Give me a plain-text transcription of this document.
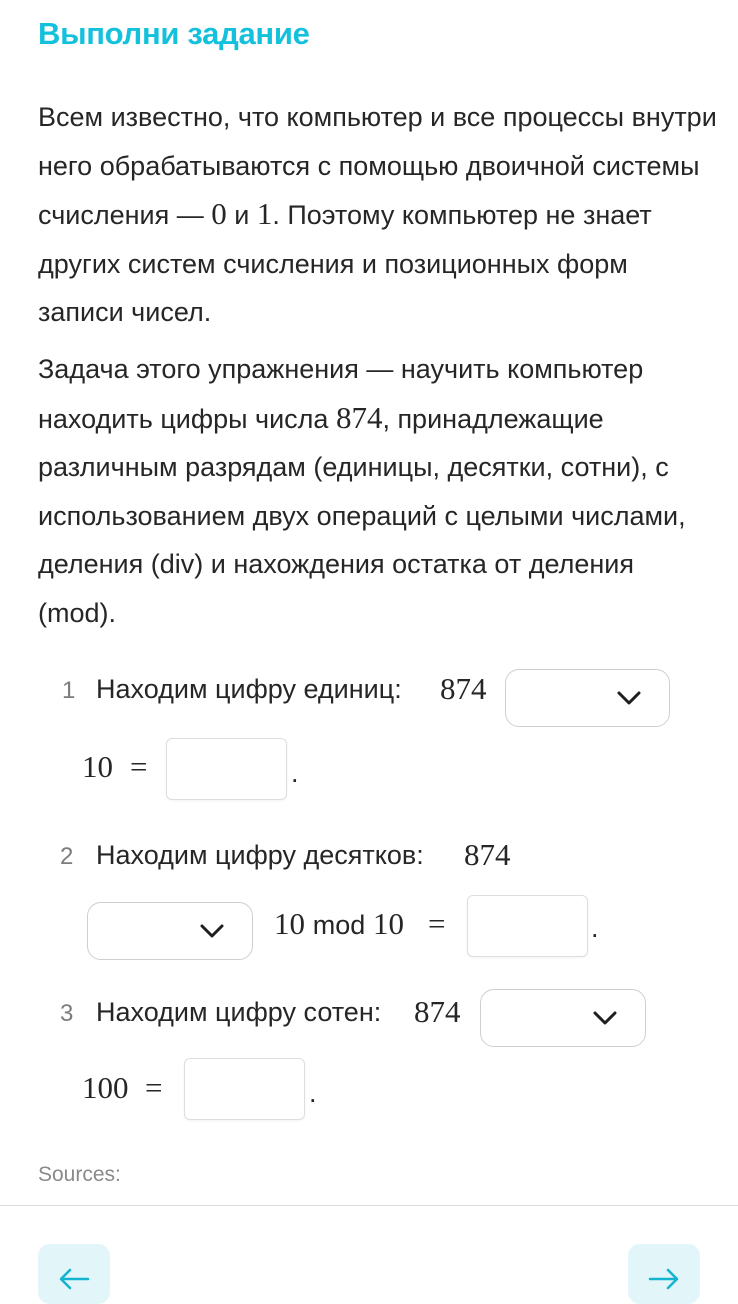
Выполни задание

Всем известно, что компьютер и все процессы внутри него обрабатываются с помощью двоичной системы счисления — 0 и 1. Поэтому компьютер не знает других систем счисления и позиционных форм записи чисел.

Задача этого упражнения — научить компьютер находить цифры числа 874, принадлежащие различным разрядам (единицы, десятки, сотни), с использованием двух операций с целыми числами, деления (div) и нахождения остатка от деления (mod).

1 Находим цифру единиц: 874
10 =	.
2 Находим цифру десятков: 874
10 mod 10 =	.
3 Находим цифру сотен: 874
100 =	.
Sources:
